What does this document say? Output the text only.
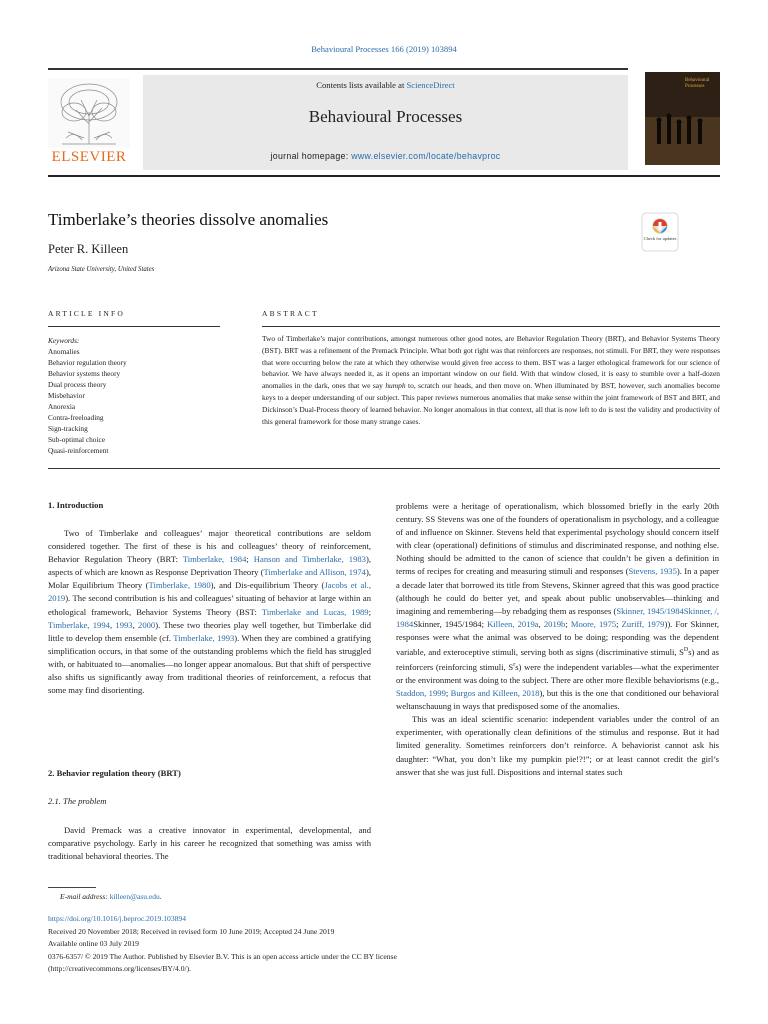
Behavioural Processes 166 (2019) 103894
Contents lists available at ScienceDirect
Behavioural Processes
journal homepage: www.elsevier.com/locate/behavproc
ELSEVIER
Behavioural Processes
Timberlake’s theories dissolve anomalies
Peter R. Killeen
Arizona State University, United States
Check for updates
ARTICLE INFO	ABSTRACT
Keywords:
Anomalies
Behavior regulation theory
Behavior systems theory
Dual process theory
Misbehavior
Anorexia
Contra-freeloading
Sign-tracking
Sub-optimal choice
Quasi-reinforcement
Two of Timberlake’s major contributions, amongst numerous other good notes, are Behavior Regulation Theory (BRT), and Behavior Systems Theory (BST). BRT was a refinement of the Premack Principle. What both got right was that reinforcers are responses, not stimuli. For BRT, they were responses that were occurring below the rate at which they otherwise would given free access to them. BST was a larger ethological framework for our science of behavior. We have always needed it, as it opens an important window on our field. With that window closed, it is easy to stumble over a half-dozen anomalies in the dark, ones that we say humph to, scratch our heads, and then move on. When illuminated by BST, however, such anomalies become keys to a deeper understanding of our subject. This paper reviews numerous anomalies that make sense within the joint framework of BST and BRT, and Dickinson’s Dual-Process theory of learned behavior. No longer anomalous in that context, all that is now left to do is test the validity and productivity of this general framework for those many strange cases.
1. Introduction

Two of Timberlake and colleagues’ major theoretical contributions are seldom considered together. The first of these is his and colleagues’ theory of reinforcement, Behavior Regulation Theory (BRT: Timberlake, 1984; Hanson and Timberlake, 1983), aspects of which are known as Response Deprivation Theory (Timberlake and Allison, 1974), Molar Equilibrium Theory (Timberlake, 1980), and Dis-equilibrium Theory (Jacobs et al., 2019). The second contribution is his and colleagues’ situating of behavior at large within an ethological framework, Behavior Systems Theory (BST: Timberlake and Lucas, 1989; Timberlake, 1994, 1993, 2000). These two theories play well together, but Timberlake did little to develop them ensemble (cf. Timberlake, 1993). When they are combined a gratifying simplification occurs, in that some of the outstanding problems which the field has struggled with, or habituated to—anomalies—no longer appear anomalous. But that shift of perspective also shifts us significantly away from traditional theories of reinforcement, a refocus that some may find disorienting.

2. Behavior regulation theory (BRT)
2.1. The problem

David Premack was a creative innovator in experimental, developmental, and comparative psychology. Early in his career he recognized that something was amiss with traditional behavioral theories. The

problems were a heritage of operationalism, which blossomed briefly in the early 20th century. SS Stevens was one of the founders of operationalism in psychology, and a colleague of and influence on Skinner. Stevens held that experimental psychology should concern itself with clear (operational) definitions of stimulus and discriminated response, and nothing else. Nothing should be admitted to the canon of science that couldn’t be given a definition in terms of recipes for creating and measuring stimuli and responses (Stevens, 1935). In a paper a decade later that borrowed its title from Stevens, Skinner agreed that this was good practice (although he could do better yet, and speak about public unobservables—thinking and imagining and remembering—by rebadging them as responses (Skinner, 1945/1984Skinner, /, 1984Skinner, 1945/1984; Killeen, 2019a, 2019b; Moore, 1975; Zuriff, 1979)). For Skinner, responses were what the animal was observed to be doing; responding was the dependent variable, and exteroceptive stimuli, serving both as signs (discriminative stimuli, $S^Ds$) and as reinforcers (reinforcing stimuli, $S^rs$) were the independent variables—what the experimenter or the environment was doing to the subject. There are other more flexible behaviorisms (e.g., Staddon, 1999; Burgos and Killeen, 2018), but this is the one that conditioned our behavioral weltanschauung in ways that predisposed some of the anomalies.

This was an ideal scientific scenario: independent variables under the control of an experimenter, with operationally clean definitions of the stimulus and response. But it had limited generality. Sometimes reinforcers don’t reinforce. A behaviorist cannot ask his daughter: “What, you don’t like my pumpkin pie!?!”; or at least cannot credit the girl’s answer that she was just full. Dispositions and internal states such

E-mail address: killeen@asu.edu.
https://doi.org/10.1016/j.beproc.2019.103894
Received 20 November 2018; Received in revised form 10 June 2019; Accepted 24 June 2019
Available online 03 July 2019
0376-6357/ © 2019 The Author. Published by Elsevier B.V. This is an open access article under the CC BY license
(http://creativecommons.org/licenses/BY/4.0/).
